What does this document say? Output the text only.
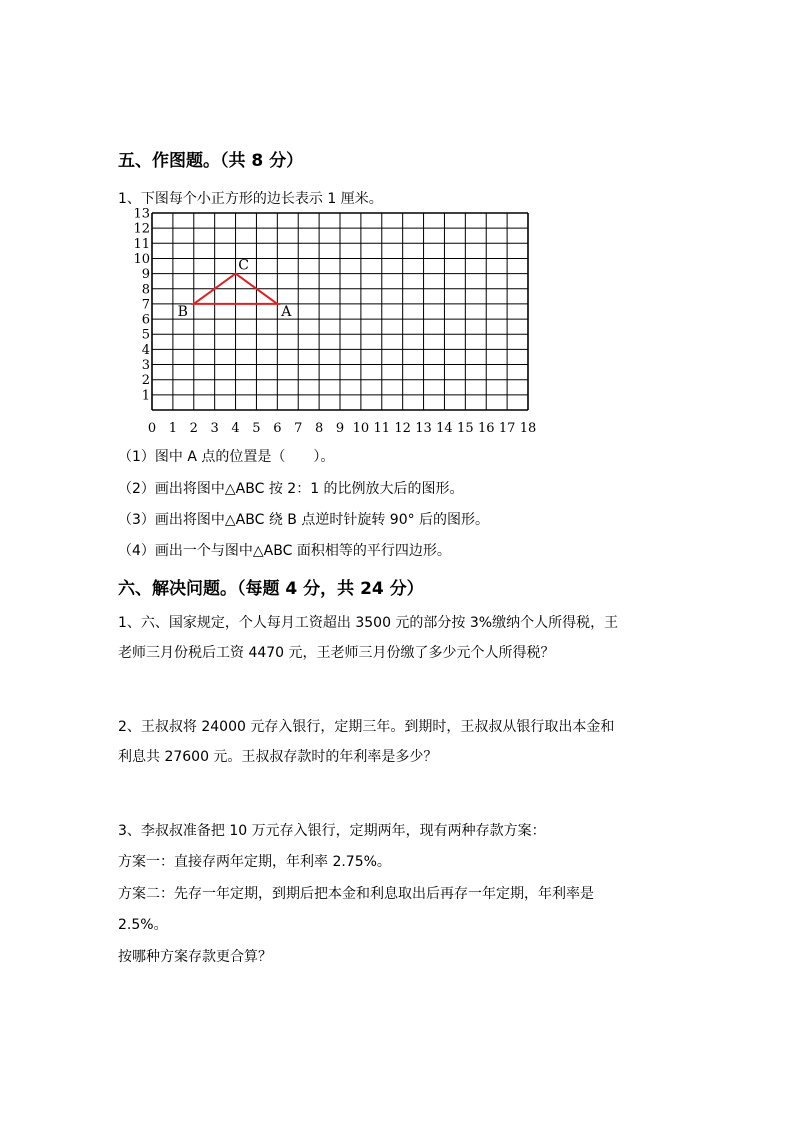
五、作图题。（共 8 分）
1、下图每个小正方形的边长表示 1 厘米。
1
2
3
4
5
6
7
8
9
10
11
12
13
0 1 2 3 4 5 6 7 8 9 10 11 12 13 14 15 16 17 18
A
B
C
（1）图中 A 点的位置是（　　）。
（2）画出将图中△ABC 按 2：1 的比例放大后的图形。
（3）画出将图中△ABC 绕 B 点逆时针旋转 90° 后的图形。
（4）画出一个与图中△ABC 面积相等的平行四边形。
六、解决问题。（每题 4 分，共 24 分）
1、六、国家规定，个人每月工资超出 3500 元的部分按 3%缴纳个人所得税，王
老师三月份税后工资 4470 元，王老师三月份缴了多少元个人所得税？
2、王叔叔将 24000 元存入银行，定期三年。到期时，王叔叔从银行取出本金和
利息共 27600 元。王叔叔存款时的年利率是多少？
3、李叔叔准备把 10 万元存入银行，定期两年，现有两种存款方案：
方案一：直接存两年定期，年利率 2.75%。
方案二：先存一年定期，到期后把本金和利息取出后再存一年定期，年利率是
2.5%。
按哪种方案存款更合算？
